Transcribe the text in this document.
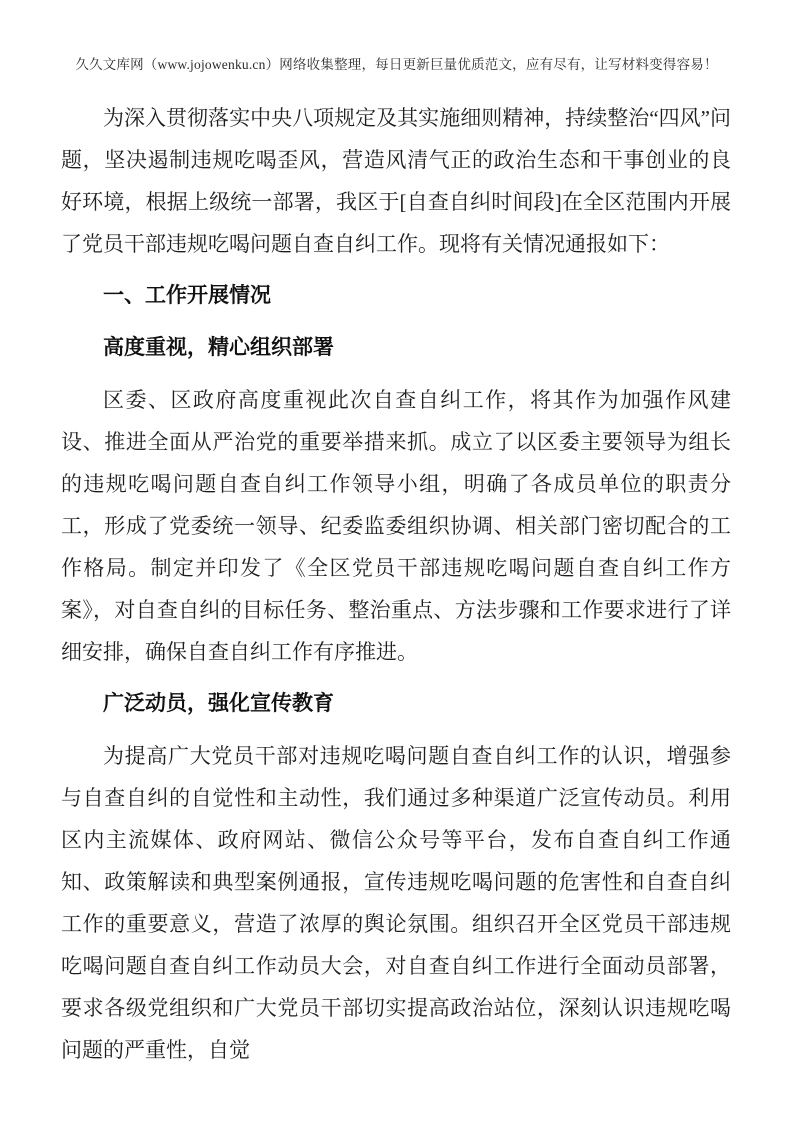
久久文库网（www.jojowenku.cn）网络收集整理，每日更新巨量优质范文，应有尽有，让写材料变得容易！

为深入贯彻落实中央八项规定及其实施细则精神，持续整治“四风”问题，坚决遏制违规吃喝歪风，营造风清气正的政治生态和干事创业的良好环境，根据上级统一部署，我区于[自查自纠时间段]在全区范围内开展了党员干部违规吃喝问题自查自纠工作。现将有关情况通报如下：

一、工作开展情况
高度重视，精心组织部署

区委、区政府高度重视此次自查自纠工作，将其作为加强作风建设、推进全面从严治党的重要举措来抓。成立了以区委主要领导为组长的违规吃喝问题自查自纠工作领导小组，明确了各成员单位的职责分工，形成了党委统一领导、纪委监委组织协调、相关部门密切配合的工作格局。制定并印发了《全区党员干部违规吃喝问题自查自纠工作方案》，对自查自纠的目标任务、整治重点、方法步骤和工作要求进行了详细安排，确保自查自纠工作有序推进。

广泛动员，强化宣传教育

为提高广大党员干部对违规吃喝问题自查自纠工作的认识，增强参与自查自纠的自觉性和主动性，我们通过多种渠道广泛宣传动员。利用区内主流媒体、政府网站、微信公众号等平台，发布自查自纠工作通知、政策解读和典型案例通报，宣传违规吃喝问题的危害性和自查自纠工作的重要意义，营造了浓厚的舆论氛围。组织召开全区党员干部违规吃喝问题自查自纠工作动员大会，对自查自纠工作进行全面动员部署，要求各级党组织和广大党员干部切实提高政治站位，深刻认识违规吃喝问题的严重性，自觉
